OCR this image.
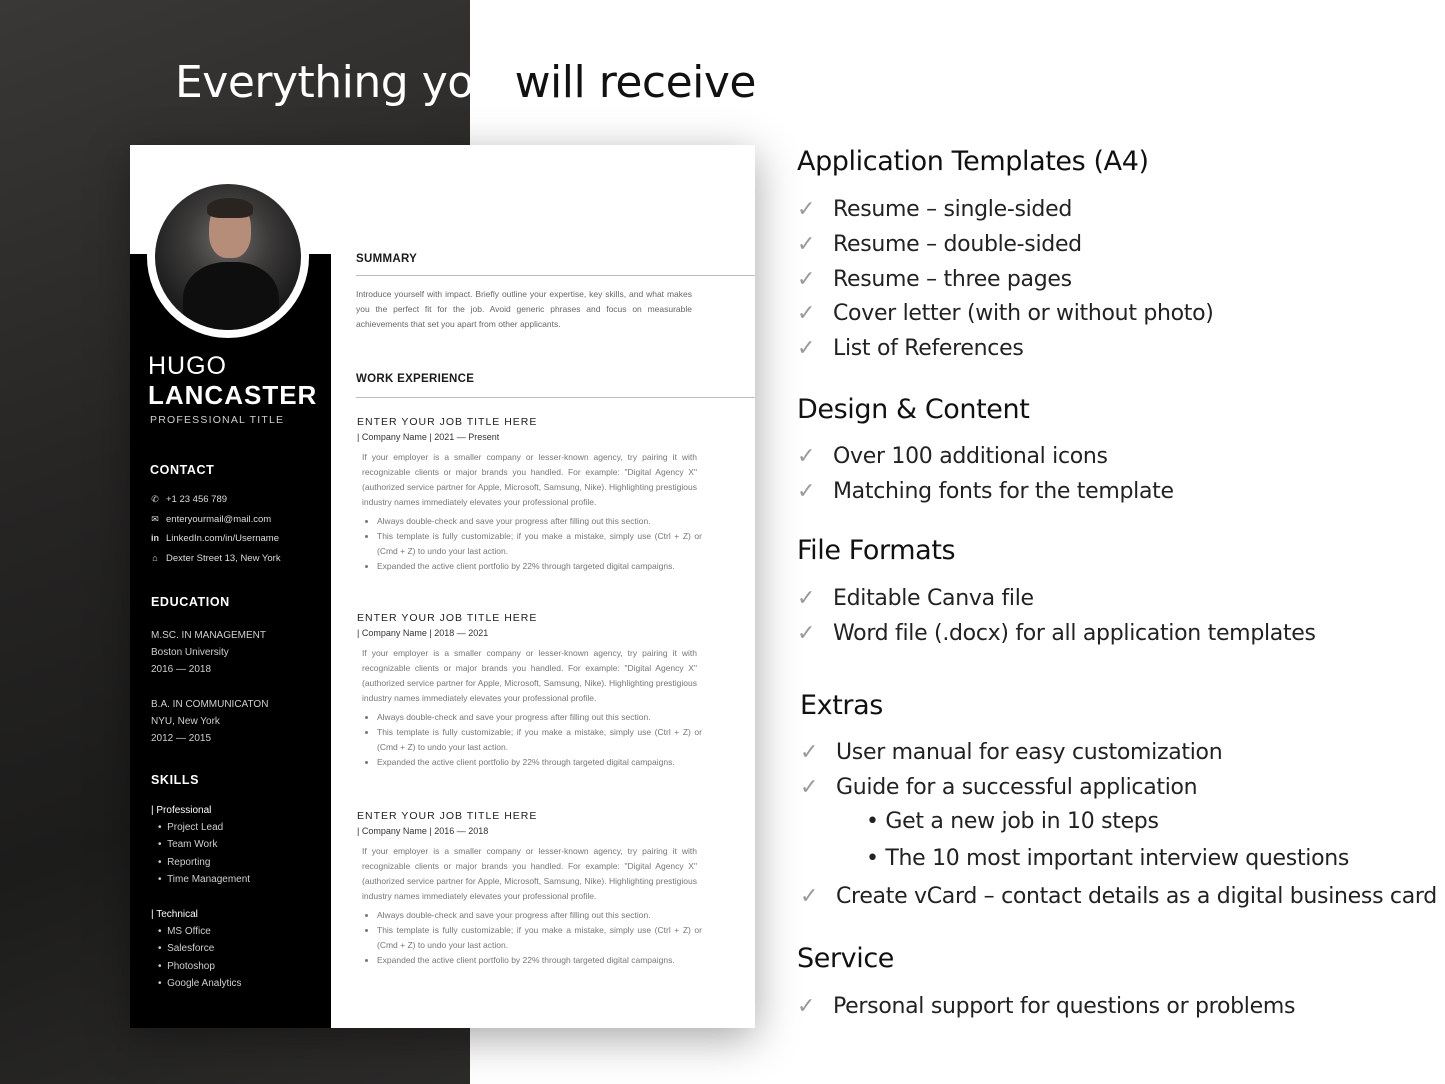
Everything you will receive
HUGO
LANCASTER
PROFESSIONAL TITLE
CONTACT
✆ +1 23 456 789
✉ enteryourmail@mail.com
in LinkedIn.com/in/Username
⌂ Dexter Street 13, New York
EDUCATION
M.SC. IN MANAGEMENT
Boston University
2016 — 2018
B.A. IN COMMUNICATON
NYU, New York
2012 — 2015
SKILLS
| Professional
•  Project Lead
•  Team Work
•  Reporting
•  Time Management
| Technical
•  MS Office
•  Salesforce
•  Photoshop
•  Google Analytics
SUMMARY
Introduce yourself with impact. Briefly outline your expertise, key skills, and what makes you the perfect fit for the job. Avoid generic phrases and focus on measurable achievements that set you apart from other applicants.
WORK EXPERIENCE
ENTER YOUR JOB TITLE HERE
| Company Name | 2021 — Present
If your employer is a smaller company or lesser-known agency, try pairing it with recognizable clients or major brands you handled. For example: "Digital Agency X" (authorized service partner for Apple, Microsoft, Samsung, Nike). Highlighting prestigious industry names immediately elevates your professional profile.
• Always double-check and save your progress after filling out this section.
• This template is fully customizable; if you make a mistake, simply use (Ctrl + Z) or (Cmd + Z) to undo your last action.
• Expanded the active client portfolio by 22% through targeted digital campaigns.
ENTER YOUR JOB TITLE HERE
| Company Name | 2018 — 2021
If your employer is a smaller company or lesser-known agency, try pairing it with recognizable clients or major brands you handled. For example: "Digital Agency X" (authorized service partner for Apple, Microsoft, Samsung, Nike). Highlighting prestigious industry names immediately elevates your professional profile.
• Always double-check and save your progress after filling out this section.
• This template is fully customizable; if you make a mistake, simply use (Ctrl + Z) or (Cmd + Z) to undo your last action.
• Expanded the active client portfolio by 22% through targeted digital campaigns.
ENTER YOUR JOB TITLE HERE
| Company Name | 2016 — 2018
If your employer is a smaller company or lesser-known agency, try pairing it with recognizable clients or major brands you handled. For example: "Digital Agency X" (authorized service partner for Apple, Microsoft, Samsung, Nike). Highlighting prestigious industry names immediately elevates your professional profile.
• Always double-check and save your progress after filling out this section.
• This template is fully customizable; if you make a mistake, simply use (Ctrl + Z) or (Cmd + Z) to undo your last action.
• Expanded the active client portfolio by 22% through targeted digital campaigns.
Application Templates (A4)
✓ Resume – single-sided
✓ Resume – double-sided
✓ Resume – three pages
✓ Cover letter (with or without photo)
✓ List of References
Design & Content
✓ Over 100 additional icons
✓ Matching fonts for the template
File Formats
✓ Editable Canva file
✓ Word file (.docx) for all application templates
Extras
✓ User manual for easy customization
✓ Guide for a successful application
• Get a new job in 10 steps
• The 10 most important interview questions
✓ Create vCard – contact details as a digital business card
Service
✓ Personal support for questions or problems
